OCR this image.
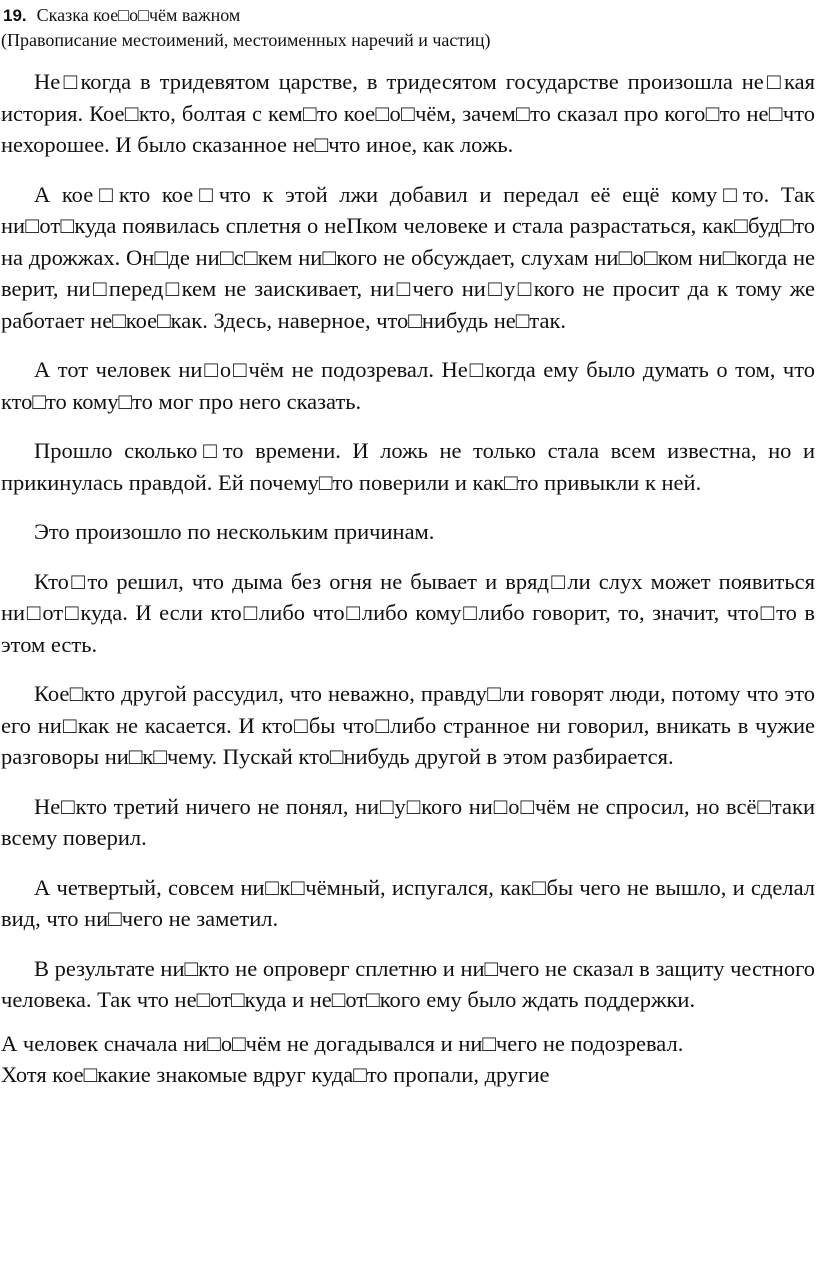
19. Сказка кое□о□чём важном
(Правописание местоимений, местоименных наречий и частиц)

Не□когда в тридевятом царстве, в тридесятом государстве произошла не□кая история. Кое□кто, болтая с кем□то кое□о□чём, зачем□то сказал про кого□то не□что нехорошее. И было сказанное не□что иное, как ложь.

А кое□кто кое□что к этой лжи добавил и передал её ещё кому□то. Так ни□от□куда появилась сплетня о неПком человеке и стала разрастаться, как□буд□то на дрожжах. Он□де ни□с□кем ни□кого не обсуждает, слухам ни□о□ком ни□когда не верит, ни□перед□кем не заискивает, ни□чего ни□у□кого не просит да к тому же работает не□кое□как. Здесь, наверное, что□нибудь не□так.

А тот человек ни□о□чём не подозревал. Не□когда ему было думать о том, что кто□то кому□то мог про него сказать.

Прошло сколько□то времени. И ложь не только стала всем известна, но и прикинулась правдой. Ей почему□то поверили и как□то привыкли к ней.

Это произошло по нескольким причинам.

Кто□то решил, что дыма без огня не бывает и вряд□ли слух может появиться ни□от□куда. И если кто□либо что□либо кому□либо говорит, то, значит, что□то в этом есть.

Кое□кто другой рассудил, что неважно, правду□ли говорят люди, потому что это его ни□как не касается. И кто□бы что□либо странное ни говорил, вникать в чужие разговоры ни□к□чему. Пускай кто□нибудь другой в этом разбирается.

Не□кто третий ничего не понял, ни□у□кого ни□о□чём не спросил, но всё□таки всему поверил.

А четвертый, совсем ни□к□чёмный, испугался, как□бы чего не вышло, и сделал вид, что ни□чего не заметил.

В результате ни□кто не опроверг сплетню и ни□чего не сказал в защиту честного человека. Так что не□от□куда и не□от□кого ему было ждать поддержки.

А человек сначала ни□о□чём не догадывался и ни□чего не подозревал.

Хотя кое□какие знакомые вдруг куда□то пропали, другие
